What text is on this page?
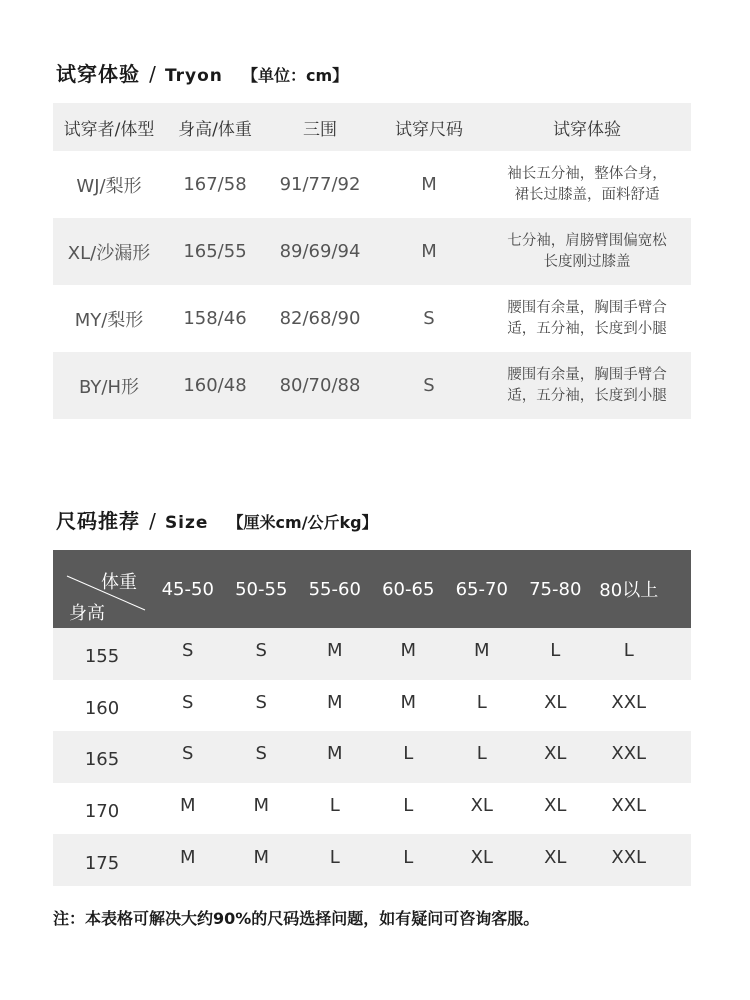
试穿体验 / Tryon 【单位：cm】
试穿者/体型	身高/体重	三围	试穿尺码	试穿体验
WJ/梨形	167/58	91/77/92	M
袖长五分袖，整体合身，
裙长过膝盖，面料舒适
XL/沙漏形	165/55	89/69/94	M
七分袖，肩膀臂围偏宽松
长度刚过膝盖
MY/梨形	158/46	82/68/90	S
腰围有余量，胸围手臂合
适，五分袖，长度到小腿
BY/H形	160/48	80/70/88	S
腰围有余量，胸围手臂合
适，五分袖，长度到小腿
尺码推荐 / Size 【厘米cm/公斤kg】
体重
身高
45-50	50-55	55-60	60-65	65-70	75-80 80以上
155	S	S	M	M	M	L	L
160	S	S	M	M	L	XL	XXL
165	S	S	M	L	L	XL	XXL
170	M	M	L	L	XL	XL	XXL
175	M	M	L	L	XL	XL	XXL
注：本表格可解决大约90%的尺码选择问题，如有疑问可咨询客服。
